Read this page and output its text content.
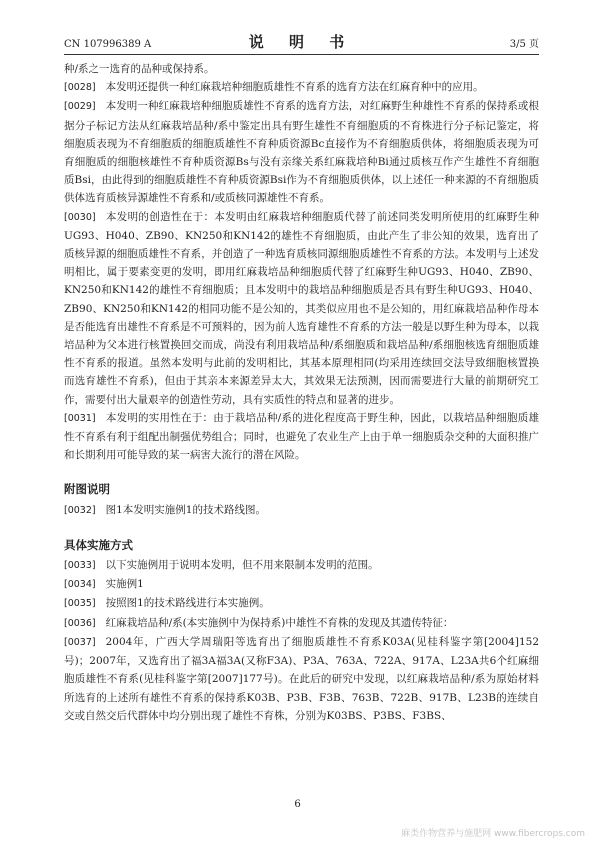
CN 107996389 A	说 明 书	3/5 页

种/系之一选育的品种或保持系。

[0028] 本发明还提供一种红麻栽培种细胞质雄性不育系的选育方法在红麻育种中的应用。

[0029] 本发明一种红麻栽培种细胞质雄性不育系的选育方法，对红麻野生种雄性不育系的保持系或根据分子标记方法从红麻栽培品种/系中鉴定出具有野生雄性不育细胞质的不育株进行分子标记鉴定，将细胞质表现为不育细胞质的细胞质雄性不育种质资源Bc直接作为不育细胞质供体，将细胞质表现为可育细胞质的细胞核雄性不育种质资源Bs与没有亲缘关系红麻栽培种Bi通过质核互作产生雄性不育细胞质Bsi，由此得到的细胞质雄性不育种质资源Bsi作为不育细胞质供体，以上述任一种来源的不育细胞质供体选育质核异源雄性不育系和/或质核同源雄性不育系。

[0030] 本发明的创造性在于：本发明由红麻栽培种细胞质代替了前述同类发明所使用的红麻野生种UG93、H040、ZB90、KN250和KN142的雄性不育细胞质，由此产生了非公知的效果，选育出了质核异源的细胞质雄性不育系，并创造了一种选育质核同源细胞质雄性不育系的方法。本发明与上述发明相比，属于要素变更的发明，即用红麻栽培品种细胞质代替了红麻野生种UG93、H040、ZB90、KN250和KN142的雄性不育细胞质；且本发明中的栽培品种细胞质是否具有野生种UG93、H040、ZB90、KN250和KN142的相同功能不是公知的，其类似应用也不是公知的，用红麻栽培品种作母本是否能选育出雄性不育系是不可预料的，因为前人选育雄性不育系的方法一般是以野生种为母本，以栽培品种为父本进行核置换回交而成，尚没有利用栽培品种/系细胞质和栽培品种/系细胞核选育细胞质雄性不育系的报道。虽然本发明与此前的发明相比，其基本原理相同(均采用连续回交法导致细胞核置换而选育雄性不育系)，但由于其亲本来源差异太大，其效果无法预测，因而需要进行大量的前期研究工作，需要付出大量艰辛的创造性劳动，具有实质性的特点和显著的进步。

[0031] 本发明的实用性在于：由于栽培品种/系的进化程度高于野生种，因此，以栽培品种细胞质雄性不育系有利于组配出制强优势组合；同时，也避免了农业生产上由于单一细胞质杂交种的大面积推广和长期利用可能导致的某一病害大流行的潜在风险。

附图说明

[0032] 图1本发明实施例1的技术路线图。

具体实施方式

[0033] 以下实施例用于说明本发明，但不用来限制本发明的范围。

[0034] 实施例1

[0035] 按照图1的技术路线进行本实施例。

[0036] 红麻栽培品种/系(本实施例中为保持系)中雄性不育株的发现及其遗传特征：

[0037] 2004年，广西大学周瑞阳等选育出了细胞质雄性不育系K03A(见桂科鉴字第[2004]152号)；2007年，又选育出了福3A福3A(又称F3A)、P3A、763A、722A、917A、L23A共6个红麻细胞质雄性不育系(见桂科鉴字第[2007]177号)。在此后的研究中发现，以红麻栽培品种/系为原始材料所选育的上述所有雄性不育系的保持系K03B、P3B、F3B、763B、722B、917B、L23B的连续自交或自然交后代群体中均分别出现了雄性不育株，分别为K03BS、P3BS、F3BS、

6
麻类作物营养与施肥网 www.fibercrops.com
